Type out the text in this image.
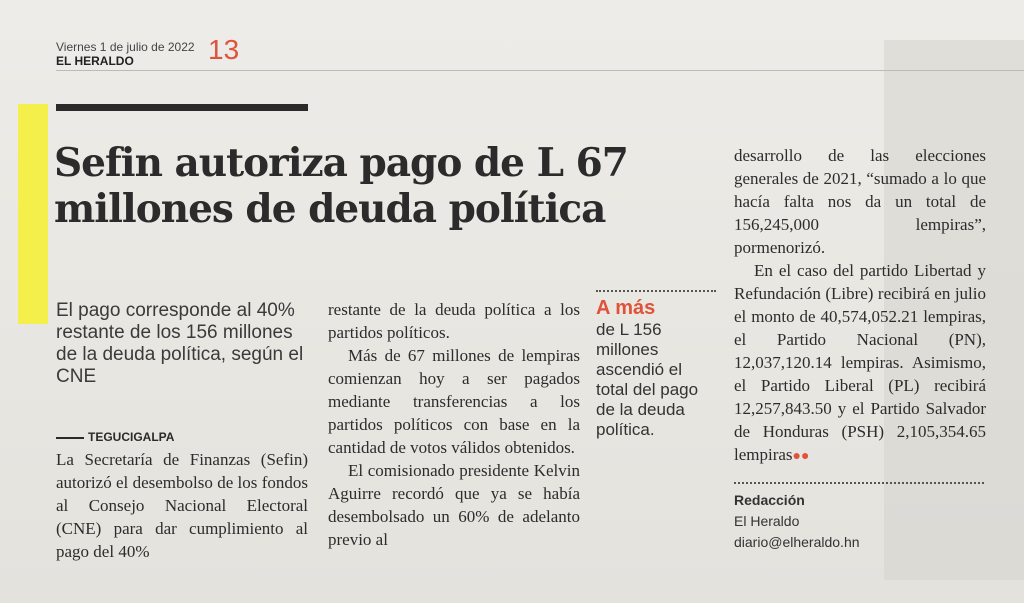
Viernes 1 de julio de 2022
EL HERALDO	13
Sefin autoriza pago de L 67
millones de deuda política
El pago corresponde al 40% restante de los 156 millones de la deuda política, según el CNE
TEGUCIGALPA

La Secretaría de Finanzas (Sefin) autorizó el desembolso de los fondos al Consejo Nacional Electoral (CNE) para dar cumplimiento al pago del 40%

restante de la deuda política a los partidos políticos.

Más de 67 millones de lempiras comienzan hoy a ser pagados mediante transferencias a los partidos políticos con base en la cantidad de votos válidos obtenidos.

El comisionado presidente Kelvin Aguirre recordó que ya se había desembolsado un 60% de adelanto previo al

A más
de L 156 millones ascendió el total del pago de la deuda política.

desarrollo de las elecciones generales de 2021, “sumado a lo que hacía falta nos da un total de 156,245,000 lempiras”, pormenorizó.

En el caso del partido Libertad y Refundación (Libre) recibirá en julio el monto de 40,574,052.21 lempiras, el Partido Nacional (PN), 12,037,120.14 lempiras. Asimismo, el Partido Liberal (PL) recibirá 12,257,843.50 y el Partido Salvador de Honduras (PSH) 2,105,354.65 lempiras●●

Redacción
El Heraldo
diario@elheraldo.hn
